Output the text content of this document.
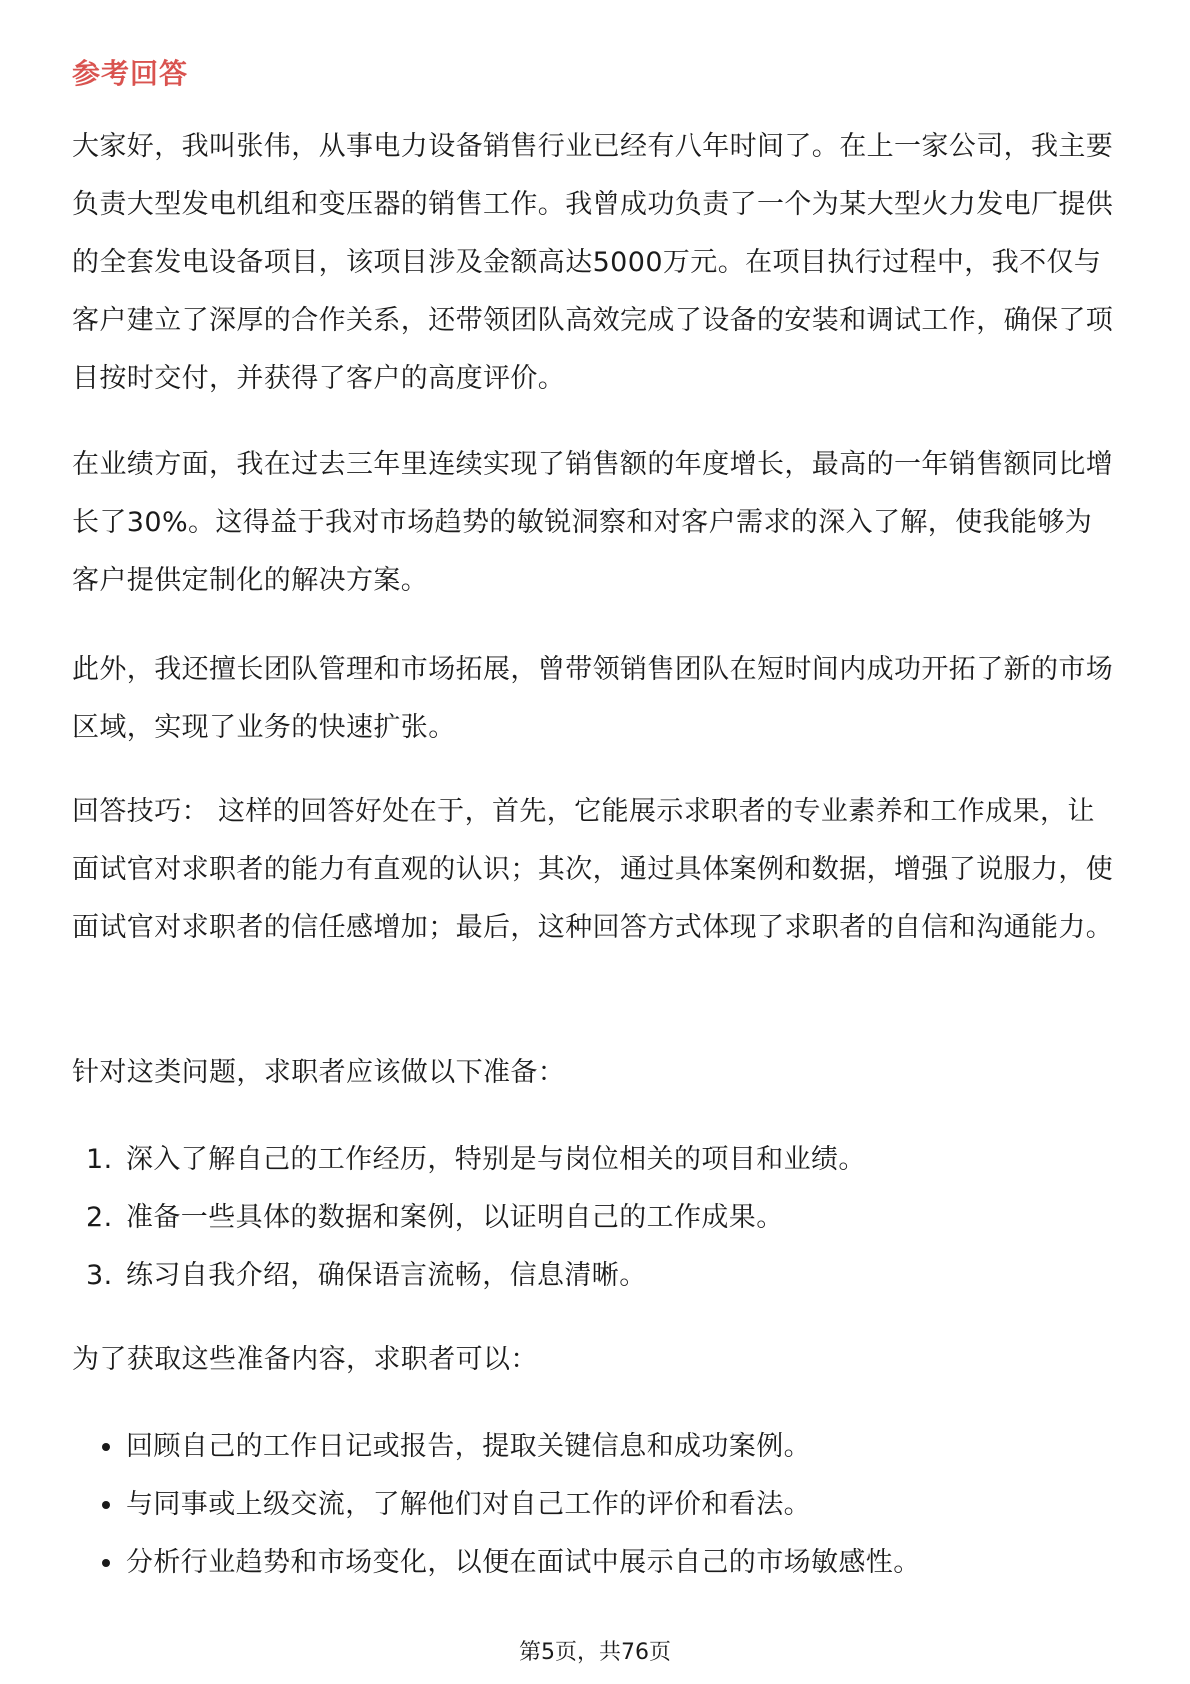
参考回答

大家好，我叫张伟，从事电力设备销售行业已经有八年时间了。在上一家公司，我主要负责大型发电机组和变压器的销售工作。我曾成功负责了一个为某大型火力发电厂提供的全套发电设备项目，该项目涉及金额高达5000万元。在项目执行过程中，我不仅与客户建立了深厚的合作关系，还带领团队高效完成了设备的安装和调试工作，确保了项目按时交付，并获得了客户的高度评价。

在业绩方面，我在过去三年里连续实现了销售额的年度增长，最高的一年销售额同比增长了30%。这得益于我对市场趋势的敏锐洞察和对客户需求的深入了解，使我能够为客户提供定制化的解决方案。

此外，我还擅长团队管理和市场拓展，曾带领销售团队在短时间内成功开拓了新的市场区域，实现了业务的快速扩张。

回答技巧： 这样的回答好处在于，首先，它能展示求职者的专业素养和工作成果，让面试官对求职者的能力有直观的认识；其次，通过具体案例和数据，增强了说服力，使面试官对求职者的信任感增加；最后，这种回答方式体现了求职者的自信和沟通能力。

针对这类问题，求职者应该做以下准备：

1. 深入了解自己的工作经历，特别是与岗位相关的项目和业绩。
2. 准备一些具体的数据和案例，以证明自己的工作成果。
3. 练习自我介绍，确保语言流畅，信息清晰。

为了获取这些准备内容，求职者可以：

回顾自己的工作日记或报告，提取关键信息和成功案例。
与同事或上级交流，了解他们对自己工作的评价和看法。
分析行业趋势和市场变化，以便在面试中展示自己的市场敏感性。
第5页，共76页
